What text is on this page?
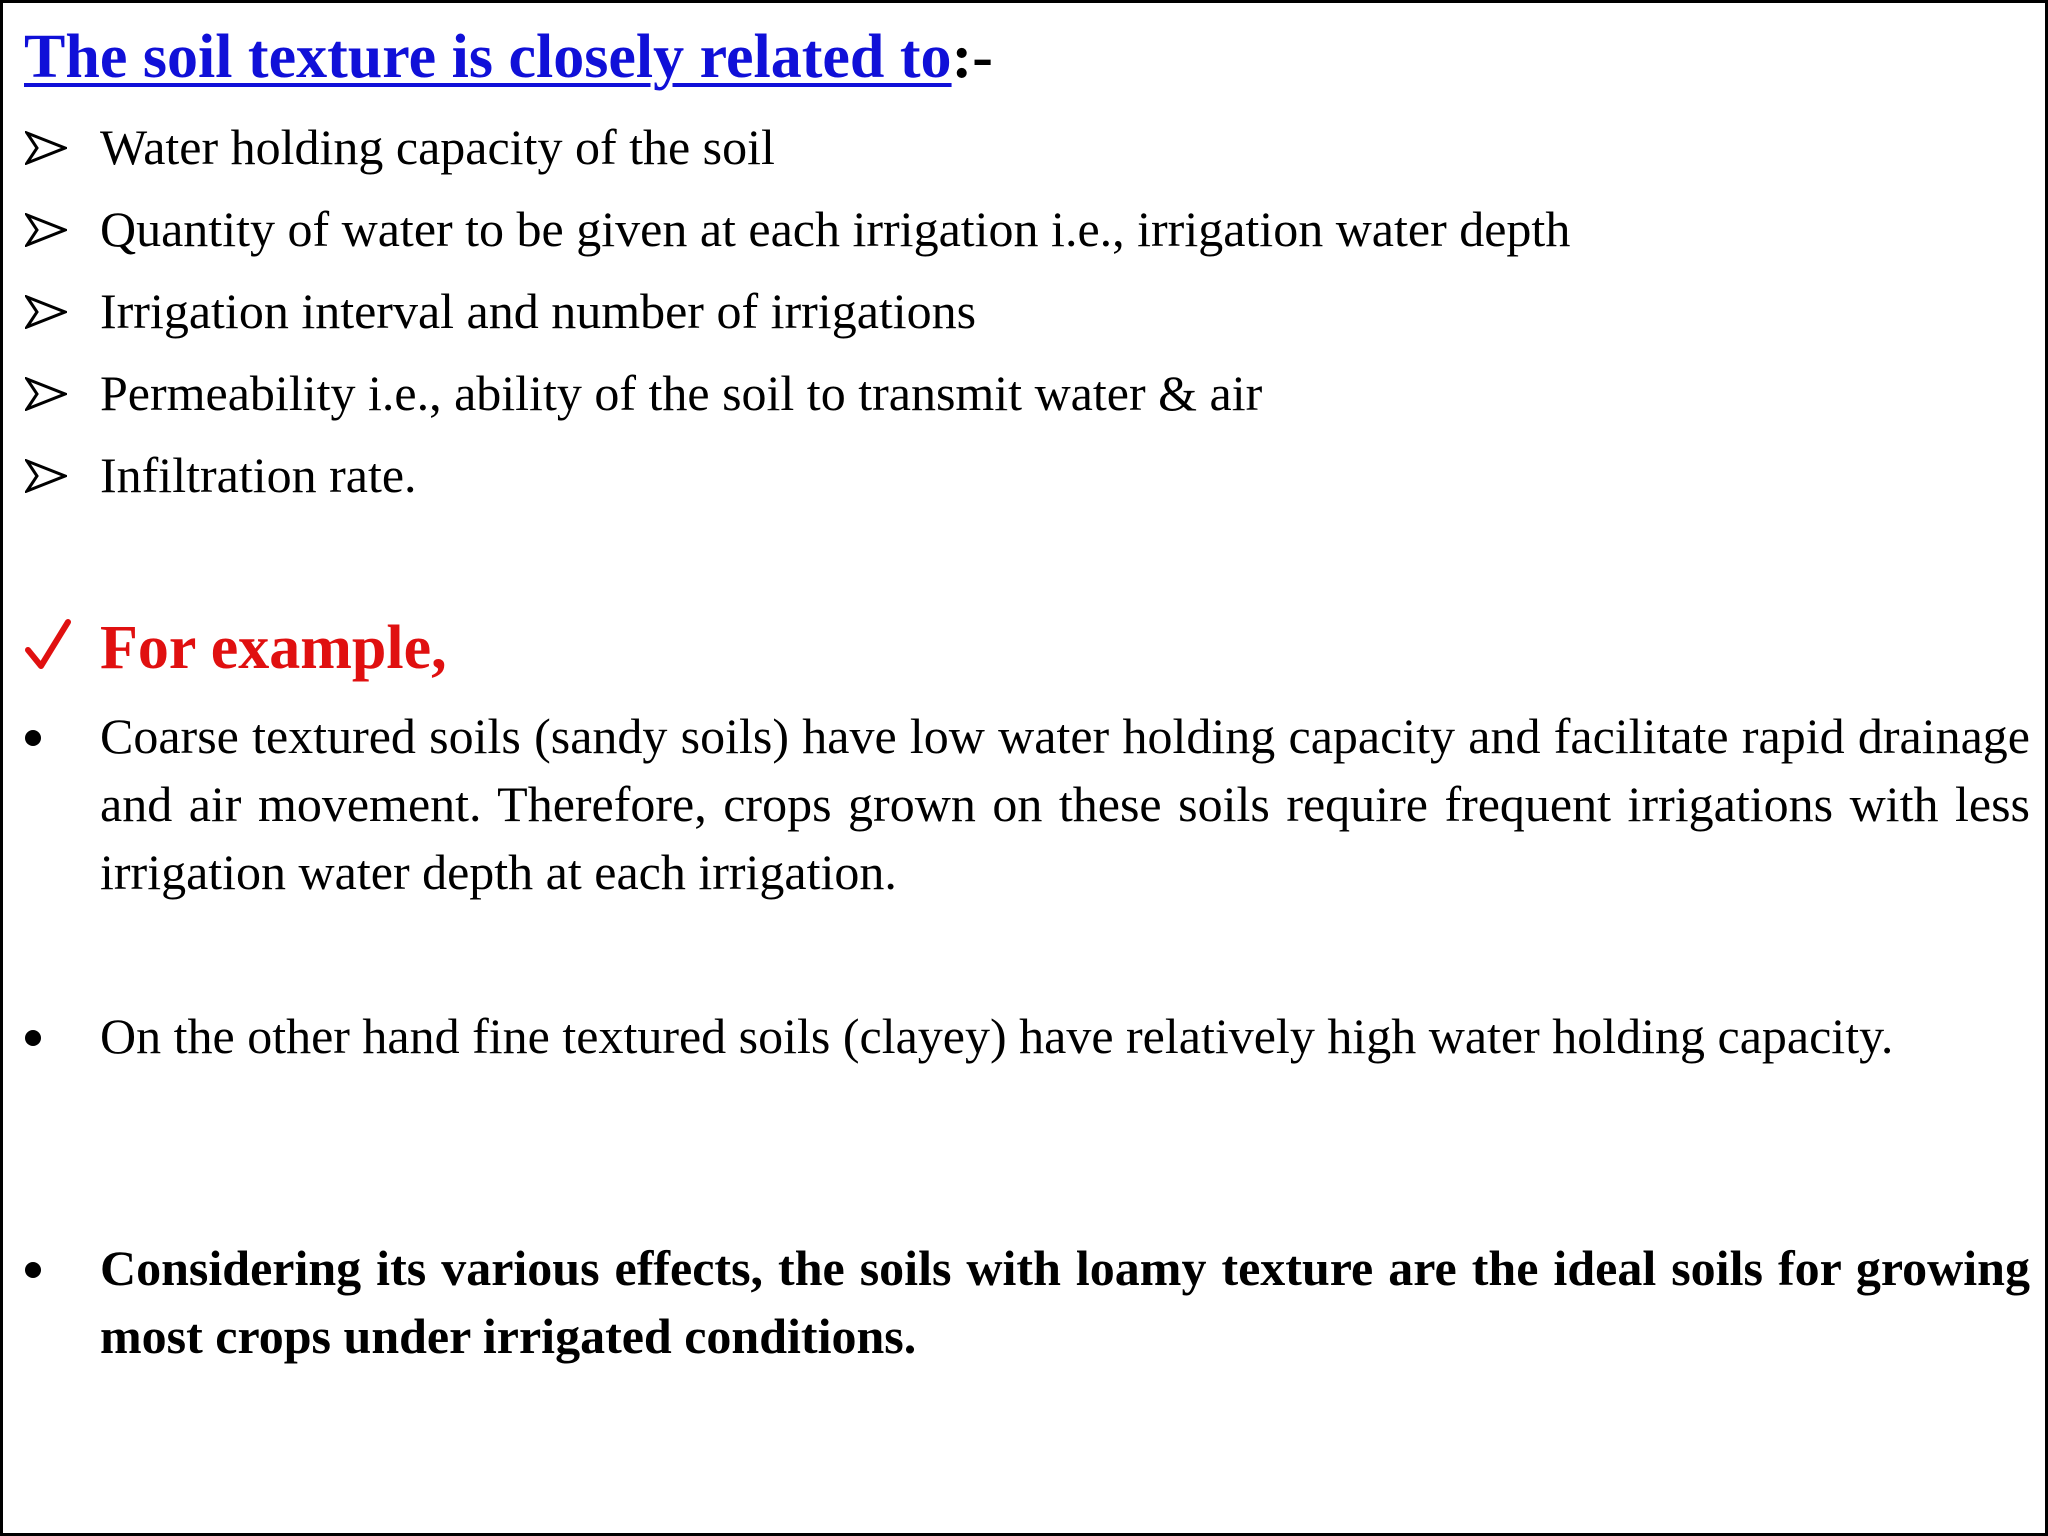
The soil texture is closely related to:-
Water holding capacity of the soil
Quantity of water to be given at each irrigation i.e., irrigation water depth
Irrigation interval and number of irrigations
Permeability i.e., ability of the soil to transmit water & air
Infiltration rate.
For example,
Coarse textured soils (sandy soils) have low water holding capacity and facilitate rapid drainage and air movement. Therefore, crops grown on these soils require frequent irrigations with less irrigation water depth at each irrigation.
On the other hand fine textured soils (clayey) have relatively high water holding capacity.
Considering its various effects, the soils with loamy texture are the ideal soils for growing most crops under irrigated conditions.
